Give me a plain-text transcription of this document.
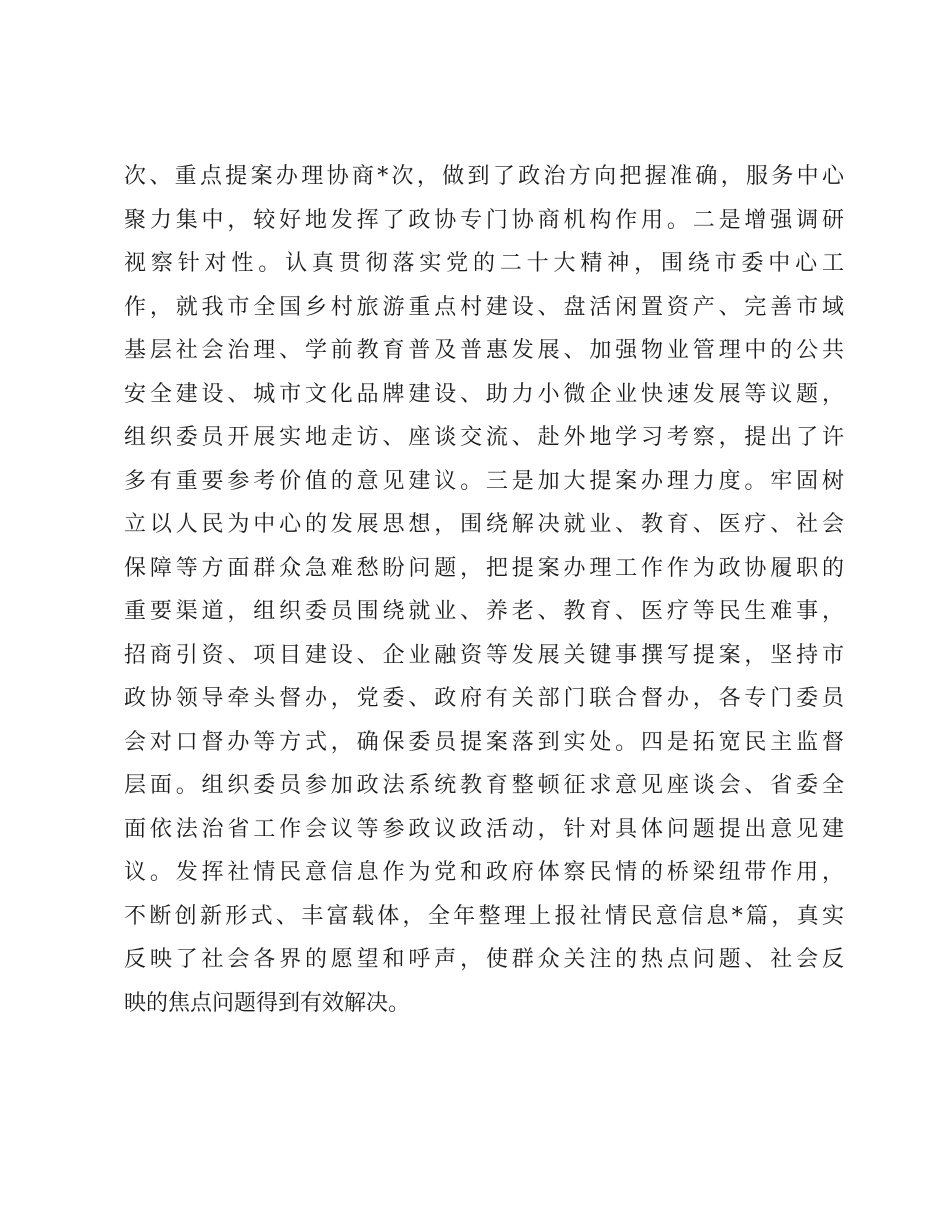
次、重点提案办理协商*次，做到了政治方向把握准确，服务中心
聚力集中，较好地发挥了政协专门协商机构作用。二是增强调研
视察针对性。认真贯彻落实党的二十大精神，围绕市委中心工
作，就我市全国乡村旅游重点村建设、盘活闲置资产、完善市域
基层社会治理、学前教育普及普惠发展、加强物业管理中的公共
安全建设、城市文化品牌建设、助力小微企业快速发展等议题，
组织委员开展实地走访、座谈交流、赴外地学习考察，提出了许
多有重要参考价值的意见建议。三是加大提案办理力度。牢固树
立以人民为中心的发展思想，围绕解决就业、教育、医疗、社会
保障等方面群众急难愁盼问题，把提案办理工作作为政协履职的
重要渠道，组织委员围绕就业、养老、教育、医疗等民生难事，
招商引资、项目建设、企业融资等发展关键事撰写提案，坚持市
政协领导牵头督办，党委、政府有关部门联合督办，各专门委员
会对口督办等方式，确保委员提案落到实处。四是拓宽民主监督
层面。组织委员参加政法系统教育整顿征求意见座谈会、省委全
面依法治省工作会议等参政议政活动，针对具体问题提出意见建
议。发挥社情民意信息作为党和政府体察民情的桥梁纽带作用，
不断创新形式、丰富载体，全年整理上报社情民意信息*篇，真实
反映了社会各界的愿望和呼声，使群众关注的热点问题、社会反
映的焦点问题得到有效解决。
